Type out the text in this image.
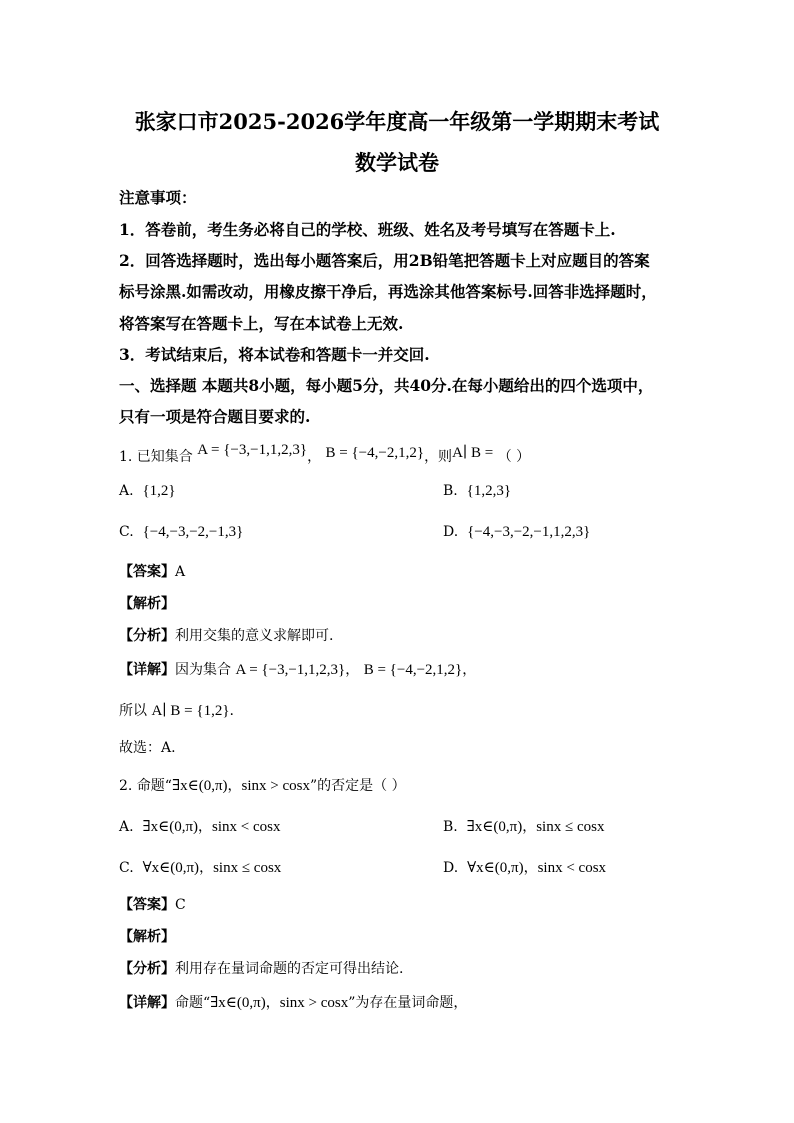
张家口市2025-2026学年度高一年级第一学期期末考试
数学试卷
注意事项：
1．答卷前，考生务必将自己的学校、班级、姓名及考号填写在答题卡上.
2．回答选择题时，选出每小题答案后，用2B铅笔把答题卡上对应题目的答案
标号涂黑.如需改动，用橡皮擦干净后，再选涂其他答案标号.回答非选择题时，
将答案写在答题卡上，写在本试卷上无效.
3．考试结束后，将本试卷和答题卡一并交回.
一、选择题 本题共8小题，每小题5分，共40分.在每小题给出的四个选项中，
只有一项是符合题目要求的.
1. 已知集合 A = {−3,−1,1,2,3}， B = {−4,−2,1,2}，则A∣ B = （ ）
A. {1,2}	B. {1,2,3}
C. {−4,−3,−2,−1,3}	D. {−4,−3,−2,−1,1,2,3}
【答案】A
【解析】
【分析】利用交集的意义求解即可.
【详解】因为集合 A = {−3,−1,1,2,3}， B = {−4,−2,1,2}，
所以 A∣ B = {1,2}.
故选：A.
2. 命题“∃x∈(0,π)，sinx > cosx”的否定是（ ）
A. ∃x∈(0,π)，sinx < cosx	B. ∃x∈(0,π)，sinx ≤ cosx
C. ∀x∈(0,π)，sinx ≤ cosx	D. ∀x∈(0,π)，sinx < cosx
【答案】C
【解析】
【分析】利用存在量词命题的否定可得出结论.
【详解】命题“∃x∈(0,π)，sinx > cosx”为存在量词命题，
